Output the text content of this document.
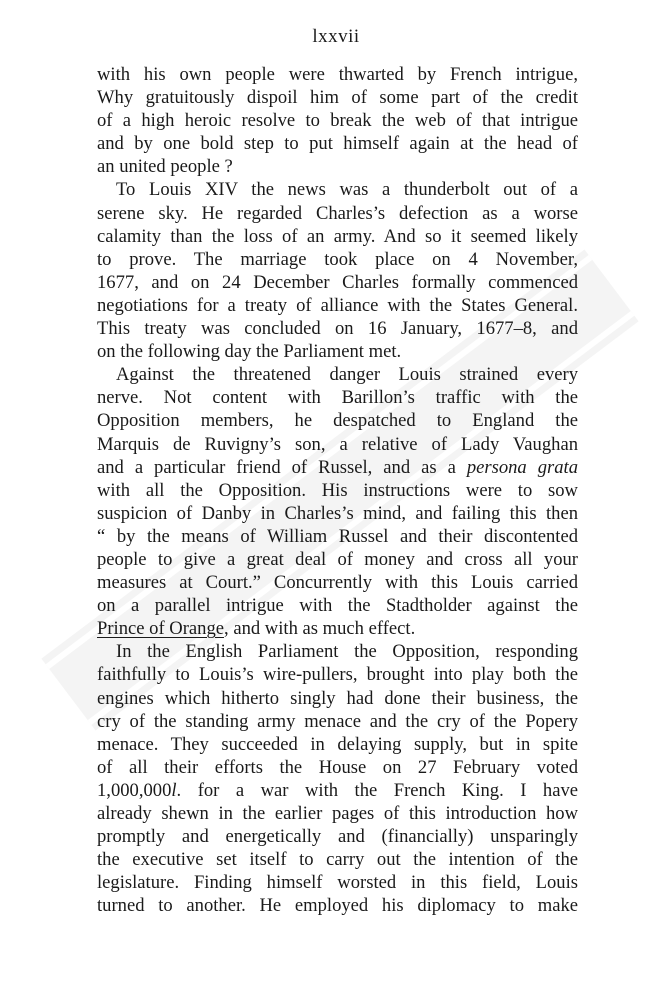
lxxvii
with his own people were thwarted by French intrigue,
Why gratuitously dispoil him of some part of the credit
of a high heroic resolve to break the web of that intrigue
and by one bold step to put himself again at the head of
an united people ?
To Louis XIV the news was a thunderbolt out of a
serene sky. He regarded Charles’s defection as a worse
calamity than the loss of an army. And so it seemed likely
to prove. The marriage took place on 4 November,
1677, and on 24 December Charles formally commenced
negotiations for a treaty of alliance with the States General.
This treaty was concluded on 16 January, 1677–8, and
on the following day the Parliament met.
Against the threatened danger Louis strained every
nerve. Not content with Barillon’s traffic with the
Opposition members, he despatched to England the
Marquis de Ruvigny’s son, a relative of Lady Vaughan
and a particular friend of Russel, and as a persona grata
with all the Opposition. His instructions were to sow
suspicion of Danby in Charles’s mind, and failing this then
“ by the means of William Russel and their discontented
people to give a great deal of money and cross all your
measures at Court.” Concurrently with this Louis carried
on a parallel intrigue with the Stadtholder against the
Prince of Orange, and with as much effect.
In the English Parliament the Opposition, responding
faithfully to Louis’s wire-pullers, brought into play both the
engines which hitherto singly had done their business, the
cry of the standing army menace and the cry of the Popery
menace. They succeeded in delaying supply, but in spite
of all their efforts the House on 27 February voted
1,000,000l. for a war with the French King. I have
already shewn in the earlier pages of this introduction how
promptly and energetically and (financially) unsparingly
the executive set itself to carry out the intention of the
legislature. Finding himself worsted in this field, Louis
turned to another. He employed his diplomacy to make
